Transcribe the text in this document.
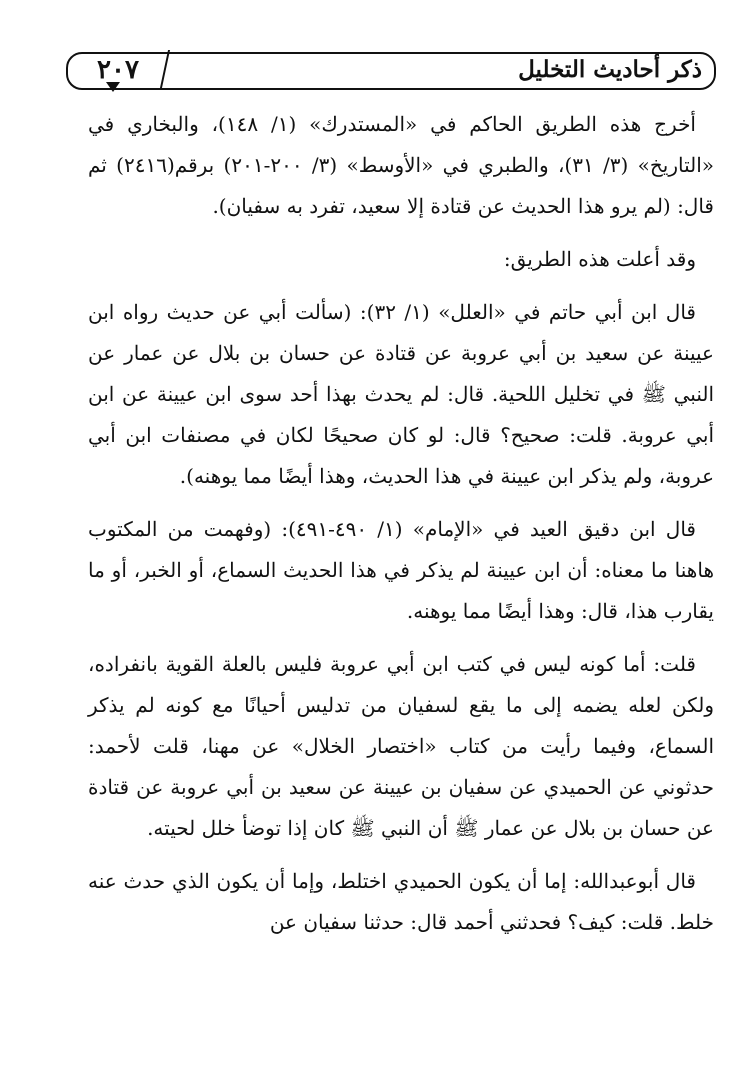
٢٠٧	ذكر أحاديث التخليل

أخرج هذه الطريق الحاكم في «المستدرك» (١/ ١٤٨)، والبخاري في «التاريخ» (٣/ ٣١)، والطبري في «الأوسط» (٣/ ٢٠٠-٢٠١) برقم(٢٤١٦) ثم قال: (لم يرو هذا الحديث عن قتادة إلا سعيد، تفرد به سفيان).

وقد أعلت هذه الطريق:

قال ابن أبي حاتم في «العلل» (١/ ٣٢): (سألت أبي عن حديث رواه ابن عيينة عن سعيد بن أبي عروبة عن قتادة عن حسان بن بلال عن عمار عن النبي ﷺ في تخليل اللحية. قال: لم يحدث بهذا أحد سوى ابن عيينة عن ابن أبي عروبة. قلت: صحيح؟ قال: لو كان صحيحًا لكان في مصنفات ابن أبي عروبة، ولم يذكر ابن عيينة في هذا الحديث، وهذا أيضًا مما يوهنه).

قال ابن دقيق العيد في «الإمام» (١/ ٤٩٠-٤٩١): (وفهمت من المكتوب هاهنا ما معناه: أن ابن عيينة لم يذكر في هذا الحديث السماع، أو الخبر، أو ما يقارب هذا، قال: وهذا أيضًا مما يوهنه.

قلت: أما كونه ليس في كتب ابن أبي عروبة فليس بالعلة القوية بانفراده، ولكن لعله يضمه إلى ما يقع لسفيان من تدليس أحيانًا مع كونه لم يذكر السماع، وفيما رأيت من كتاب «اختصار الخلال» عن مهنا، قلت لأحمد: حدثوني عن الحميدي عن سفيان بن عيينة عن سعيد بن أبي عروبة عن قتادة عن حسان بن بلال عن عمار ﷺ أن النبي ﷺ كان إذا توضأ خلل لحيته.

قال أبوعبدالله: إما أن يكون الحميدي اختلط، وإما أن يكون الذي حدث عنه خلط. قلت: كيف؟ فحدثني أحمد قال: حدثنا سفيان عن
